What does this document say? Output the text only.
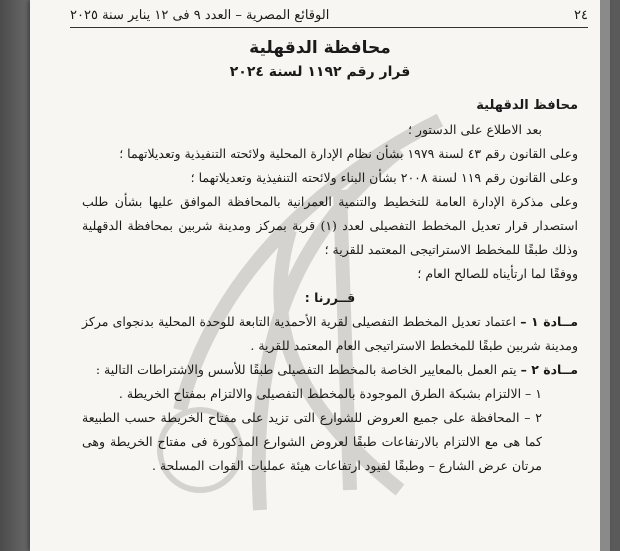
٢٤
الوقائع المصرية – العدد ٩ فى ١٢ يناير سنة ٢٠٢٥
محافظة الدقهلية
قرار رقم ١١٩٢ لسنة ٢٠٢٤

محافظ الدقهلية

بعد الاطلاع على الدستور ؛

وعلى القانون رقم ٤٣ لسنة ١٩٧٩ بشأن نظام الإدارة المحلية ولائحته التنفيذية وتعديلاتهما ؛

وعلى القانون رقم ١١٩ لسنة ٢٠٠٨ بشأن البناء ولائحته التنفيذية وتعديلاتهما ؛

وعلى مذكرة الإدارة العامة للتخطيط والتنمية العمرانية بالمحافظة الموافق عليها بشأن طلب استصدار قرار تعديل المخطط التفصيلى لعدد (١) قرية بمركز ومدينة شربين بمحافظة الدقهلية وذلك طبقًا للمخطط الاستراتيجى المعتمد للقرية ؛

ووفقًا لما ارتأيناه للصالح العام ؛

قــررنا :

مــادة ١ – اعتماد تعديل المخطط التفصيلى لقرية الأحمدية التابعة للوحدة المحلية بدنجواى مركز ومدينة شربين طبقًا للمخطط الاستراتيجى العام المعتمد للقرية .

مــادة ٢ – يتم العمل بالمعايير الخاصة بالمخطط التفصيلى طبقًا للأسس والاشتراطات التالية :

١ – الالتزام بشبكة الطرق الموجودة بالمخطط التفصيلى والالتزام بمفتاح الخريطة .

٢ – المحافظة على جميع العروض للشوارع التى تزيد على مفتاح الخريطة حسب الطبيعة كما هى مع الالتزام بالارتفاعات طبقًا لعروض الشوارع المذكورة فى مفتاح الخريطة وهى مرتان عرض الشارع – وطبقًا لقيود ارتفاعات هيئة عمليات القوات المسلحة .
